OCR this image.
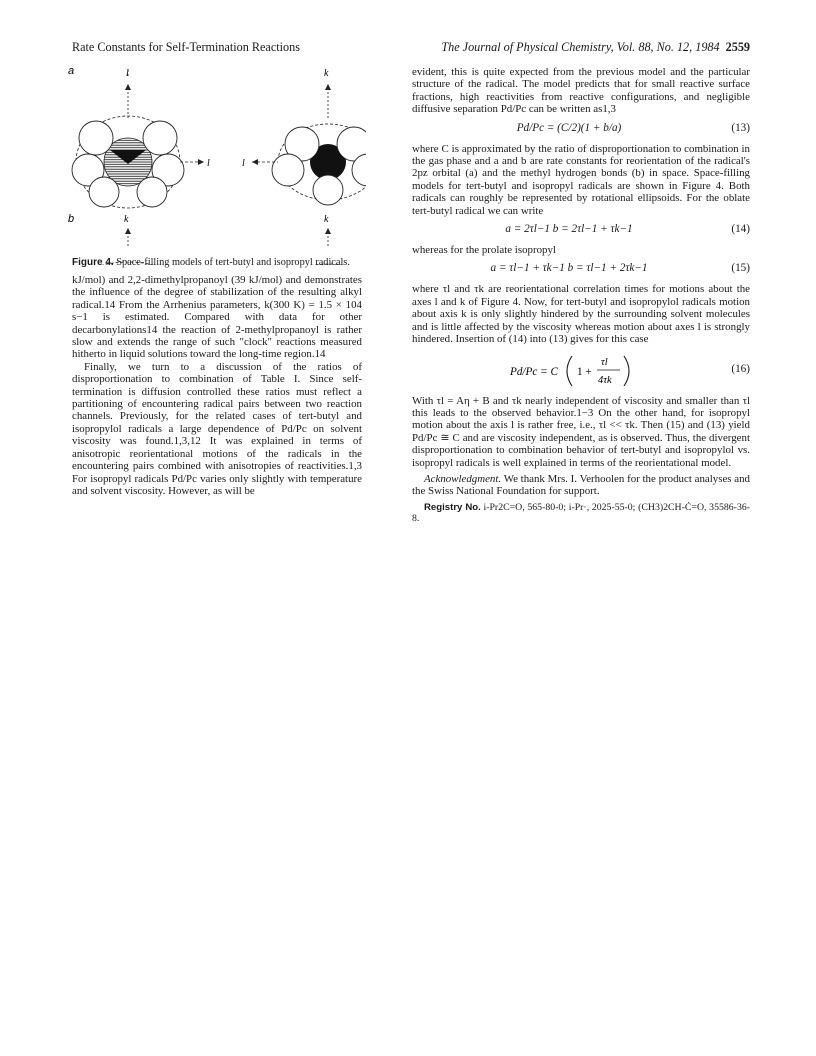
Rate Constants for Self-Termination Reactions	The Journal of Physical Chemistry, Vol. 88, No. 12, 1984 2559
a
b
l
l
k
l
k	k
Figure 4. Space-filling models of tert-butyl and isopropyl radicals.

kJ/mol) and 2,2-dimethylpropanoyl (39 kJ/mol) and demonstrates the influence of the degree of stabilization of the resulting alkyl radical.14 From the Arrhenius parameters, k(300 K) = 1.5 × 104 s−1 is estimated. Compared with data for other decarbonylations14 the reaction of 2-methylpropanoyl is rather slow and extends the range of such "clock" reactions measured hitherto in liquid solutions toward the long-time region.14

Finally, we turn to a discussion of the ratios of disproportionation to combination of Table I. Since self-termination is diffusion controlled these ratios must reflect a partitioning of encountering radical pairs between two reaction channels. Previously, for the related cases of tert-butyl and isopropylol radicals a large dependence of Pd/Pc on solvent viscosity was found.1,3,12 It was explained in terms of anisotropic reorientational motions of the radicals in the encountering pairs combined with anisotropies of reactivities.1,3 For isopropyl radicals Pd/Pc varies only slightly with temperature and solvent viscosity. However, as will be

evident, this is quite expected from the previous model and the particular structure of the radical. The model predicts that for small reactive surface fractions, high reactivities from reactive configurations, and negligible diffusive separation Pd/Pc can be written as1,3

Pd/Pc = (C/2)(1 + b/a)	(13)

where C is approximated by the ratio of disproportionation to combination in the gas phase and a and b are rate constants for reorientation of the radical's 2pz orbital (a) and the methyl hydrogen bonds (b) in space. Space-filling models for tert-butyl and isopropyl radicals are shown in Figure 4. Both radicals can roughly be represented by rotational ellipsoids. For the oblate tert-butyl radical we can write

a = 2τl−1 b = 2τl−1 + τk−1	(14)

whereas for the prolate isopropyl

a = τl−1 + τk−1 b = τl−1 + 2τk−1	(15)

where τl and τk are reorientational correlation times for motions about the axes l and k of Figure 4. Now, for tert-butyl and isopropylol radicals motion about axis k is only slightly hindered by the surrounding solvent molecules and is little affected by the viscosity whereas motion about axes l is strongly hindered. Insertion of (14) into (13) gives for this case

Pd/Pc = C 1 +
τl
4τk
(16)

With τl = Aη + B and τk nearly independent of viscosity and smaller than τl this leads to the observed behavior.1−3 On the other hand, for isopropyl motion about the axis l is rather free, i.e., τl << τk. Then (15) and (13) yield Pd/Pc ≅ C and are viscosity independent, as is observed. Thus, the divergent disproportionation to combination behavior of tert-butyl and isopropylol vs. isopropyl radicals is well explained in terms of the reorientational model.

Acknowledgment. We thank Mrs. I. Verhoolen for the product analyses and the Swiss National Foundation for support.

Registry No. i-Pr2C=O, 565-80-0; i-Pr·, 2025-55-0; (CH3)2CH-Ċ=O, 35586-36-8.
